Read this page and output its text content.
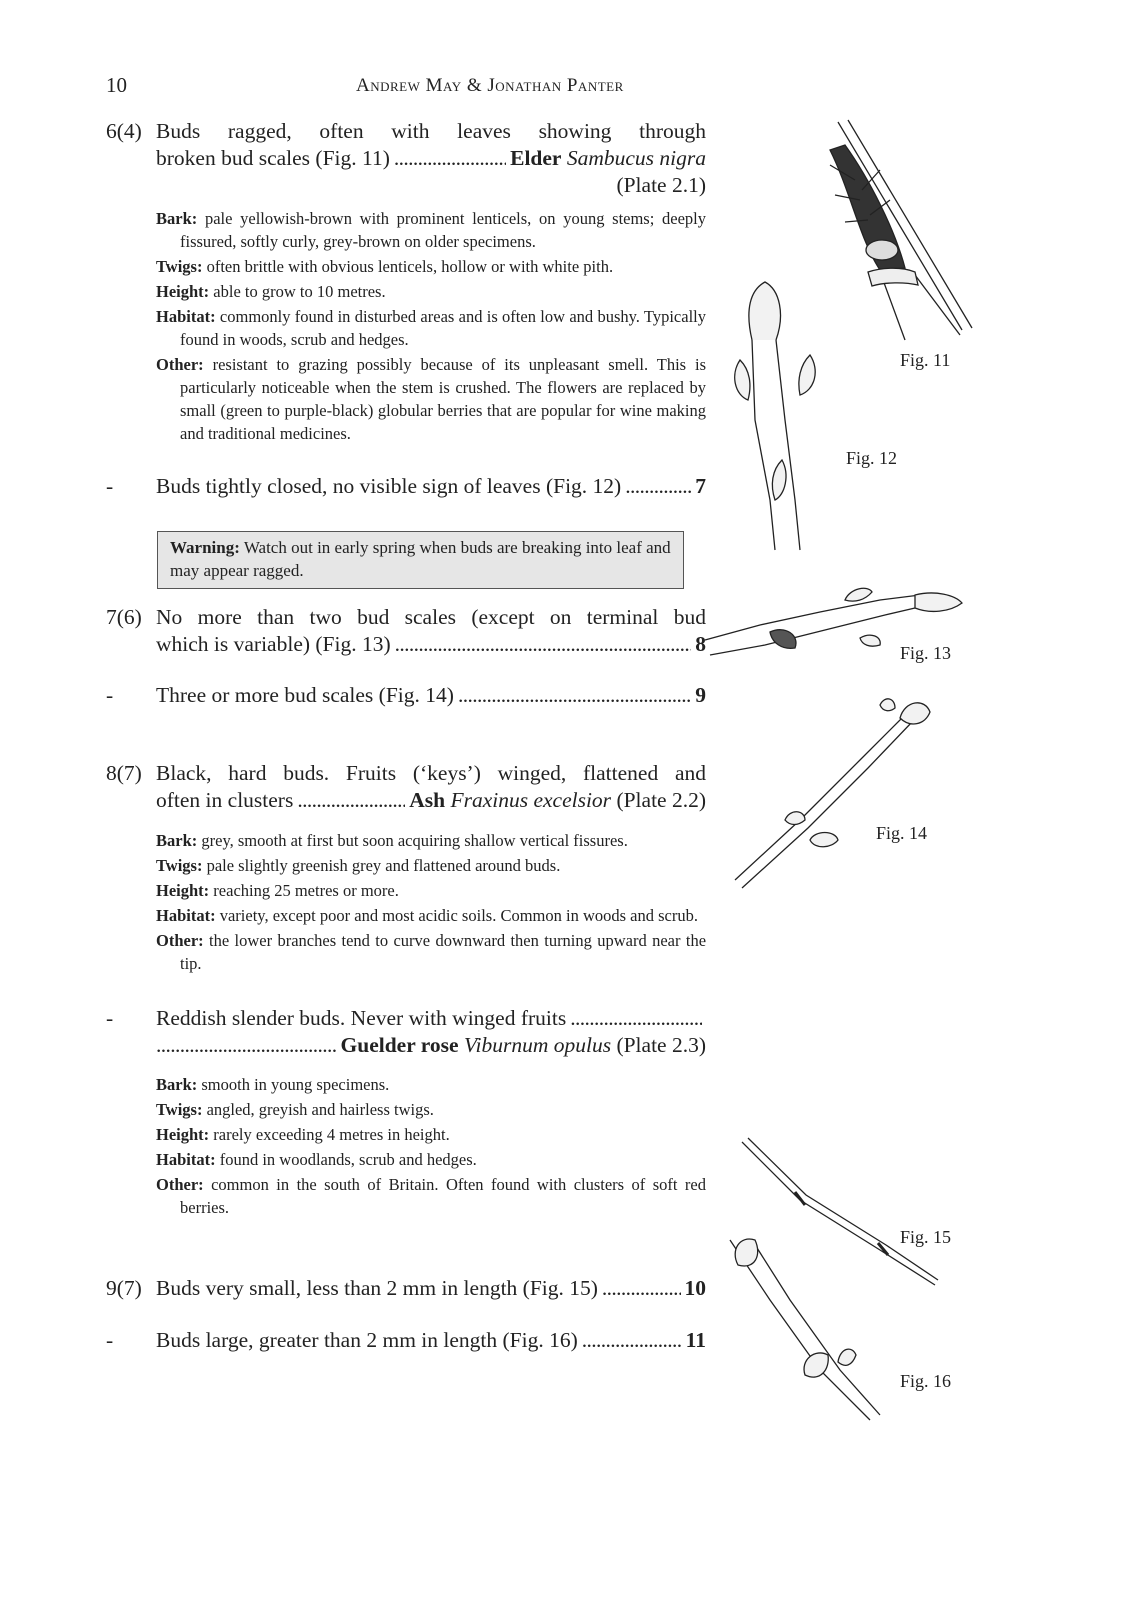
10	Andrew May & Jonathan Panter
6(4) Buds ragged, often with leaves showing through
broken bud scales (Fig. 11) . . .	Elder
Sambucus nigra
(Plate 2.1)

Bark: pale yellowish-brown with prominent lenticels, on young stems; deeply fissured, softly curly, grey-brown on older specimens.

Twigs: often brittle with obvious lenticels, hollow or with white pith.

Height: able to grow to 10 metres.

Habitat: commonly found in disturbed areas and is often low and bushy. Typically found in woods, scrub and hedges.

Other: resistant to grazing possibly because of its unpleasant smell. This is particularly noticeable when the stem is crushed. The flowers are replaced by small (green to purple-black) globular berries that are popular for wine making and traditional medicines.

- Buds tightly closed, no visible sign of leaves (Fig. 12) . . .	7
Warning: Watch out in early spring when buds are breaking into leaf and may appear ragged.
7(6) No more than two bud scales (except on terminal bud
which is variable) (Fig. 13) . . .	8
- Three or more bud scales (Fig. 14) . . .	9
8(7) Black, hard buds. Fruits (‘keys’) winged, flattened and
often in clusters . . .	Ash
Fraxinus excelsior
(Plate 2.2)

Bark: grey, smooth at first but soon acquiring shallow vertical fissures.

Twigs: pale slightly greenish grey and flattened around buds.

Height: reaching 25 metres or more.

Habitat: variety, except poor and most acidic soils. Common in woods and scrub.

Other: the lower branches tend to curve downward then turning upward near the tip.

- Reddish slender buds. Never with winged fruits
. . .
. . .
Guelder rose
Viburnum opulus
(Plate 2.3)

Bark: smooth in young specimens.

Twigs: angled, greyish and hairless twigs.

Height: rarely exceeding 4 metres in height.

Habitat: found in woodlands, scrub and hedges.

Other: common in the south of Britain. Often found with clusters of soft red berries.

9(7) Buds very small, less than 2 mm in length (Fig. 15) . . .	10
- Buds large, greater than 2 mm in length (Fig. 16) . . .	11
Fig. 11
Fig. 12
Fig. 13
Fig. 14
Fig. 15
Fig. 16
